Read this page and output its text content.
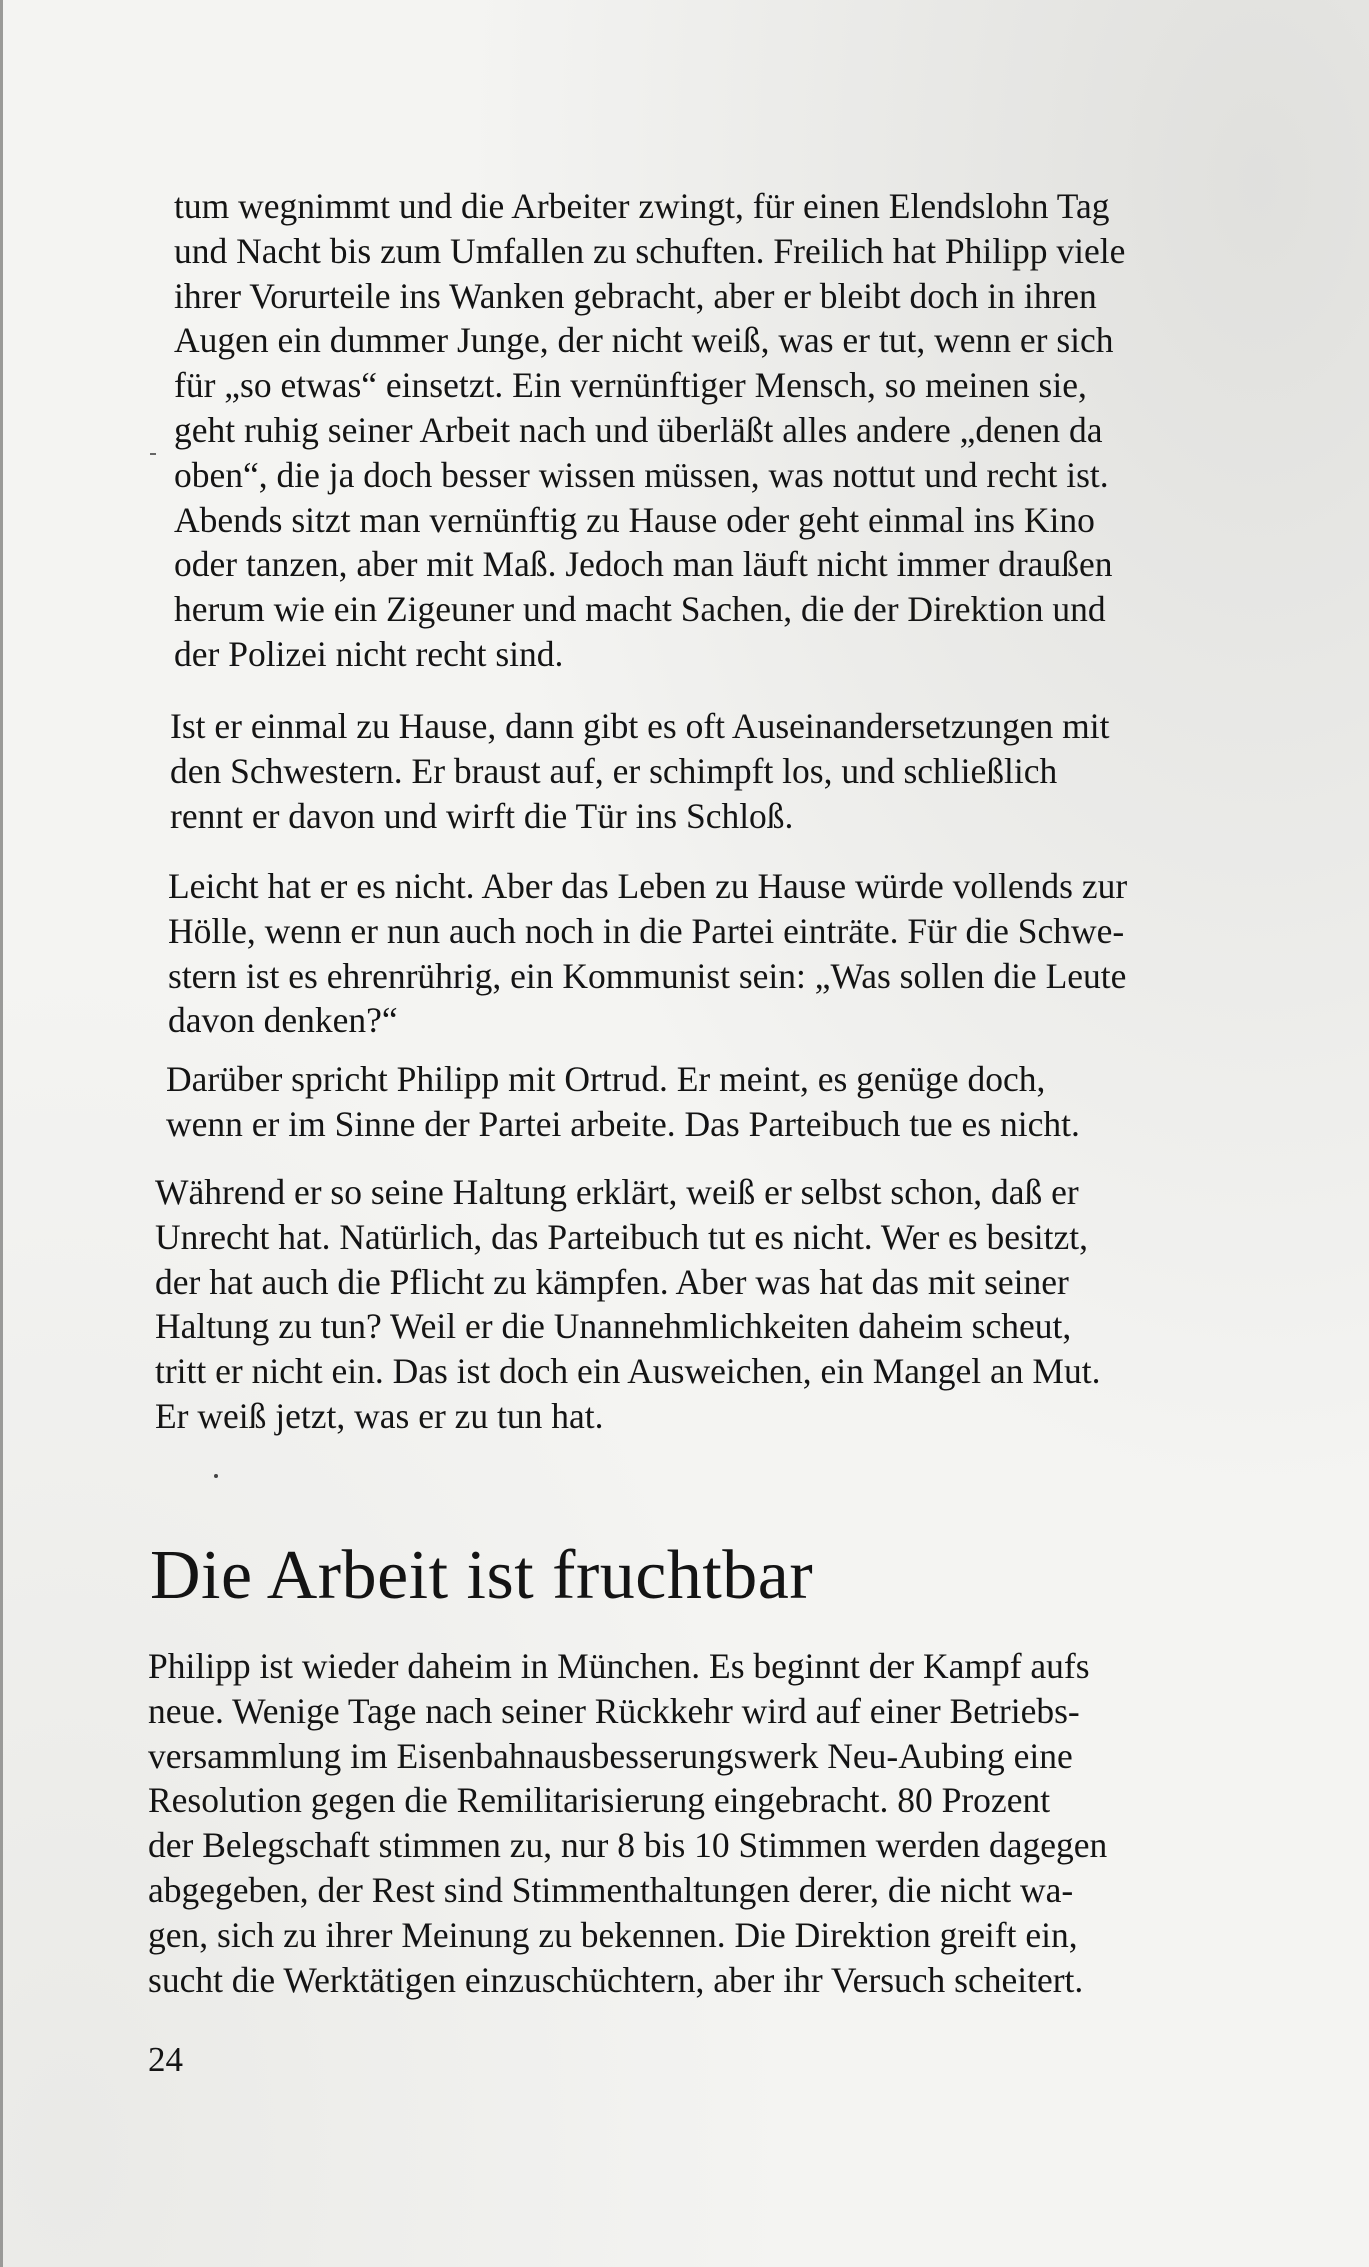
tum wegnimmt und die Arbeiter zwingt, für einen Elendslohn Tag
und Nacht bis zum Umfallen zu schuften. Freilich hat Philipp viele
ihrer Vorurteile ins Wanken gebracht, aber er bleibt doch in ihren
Augen ein dummer Junge, der nicht weiß, was er tut, wenn er sich
für „so etwas“ einsetzt. Ein vernünftiger Mensch, so meinen sie,
geht ruhig seiner Arbeit nach und überläßt alles andere „denen da
oben“, die ja doch besser wissen müssen, was nottut und recht ist.
Abends sitzt man vernünftig zu Hause oder geht einmal ins Kino
oder tanzen, aber mit Maß. Jedoch man läuft nicht immer draußen
herum wie ein Zigeuner und macht Sachen, die der Direktion und
der Polizei nicht recht sind.

Ist er einmal zu Hause, dann gibt es oft Auseinandersetzungen mit
den Schwestern. Er braust auf, er schimpft los, und schließlich
rennt er davon und wirft die Tür ins Schloß.

Leicht hat er es nicht. Aber das Leben zu Hause würde vollends zur
Hölle, wenn er nun auch noch in die Partei einträte. Für die Schwe-
stern ist es ehrenrührig, ein Kommunist sein: „Was sollen die Leute
davon denken?“

Darüber spricht Philipp mit Ortrud. Er meint, es genüge doch,
wenn er im Sinne der Partei arbeite. Das Parteibuch tue es nicht.

Während er so seine Haltung erklärt, weiß er selbst schon, daß er
Unrecht hat. Natürlich, das Parteibuch tut es nicht. Wer es besitzt,
der hat auch die Pflicht zu kämpfen. Aber was hat das mit seiner
Haltung zu tun? Weil er die Unannehmlichkeiten daheim scheut,
tritt er nicht ein. Das ist doch ein Ausweichen, ein Mangel an Mut.
Er weiß jetzt, was er zu tun hat.

Die Arbeit ist fruchtbar

Philipp ist wieder daheim in München. Es beginnt der Kampf aufs
neue. Wenige Tage nach seiner Rückkehr wird auf einer Betriebs-
versammlung im Eisenbahnausbesserungswerk Neu-Aubing eine
Resolution gegen die Remilitarisierung eingebracht. 80 Prozent
der Belegschaft stimmen zu, nur 8 bis 10 Stimmen werden dagegen
abgegeben, der Rest sind Stimmenthaltungen derer, die nicht wa-
gen, sich zu ihrer Meinung zu bekennen. Die Direktion greift ein,
sucht die Werktätigen einzuschüchtern, aber ihr Versuch scheitert.

24
